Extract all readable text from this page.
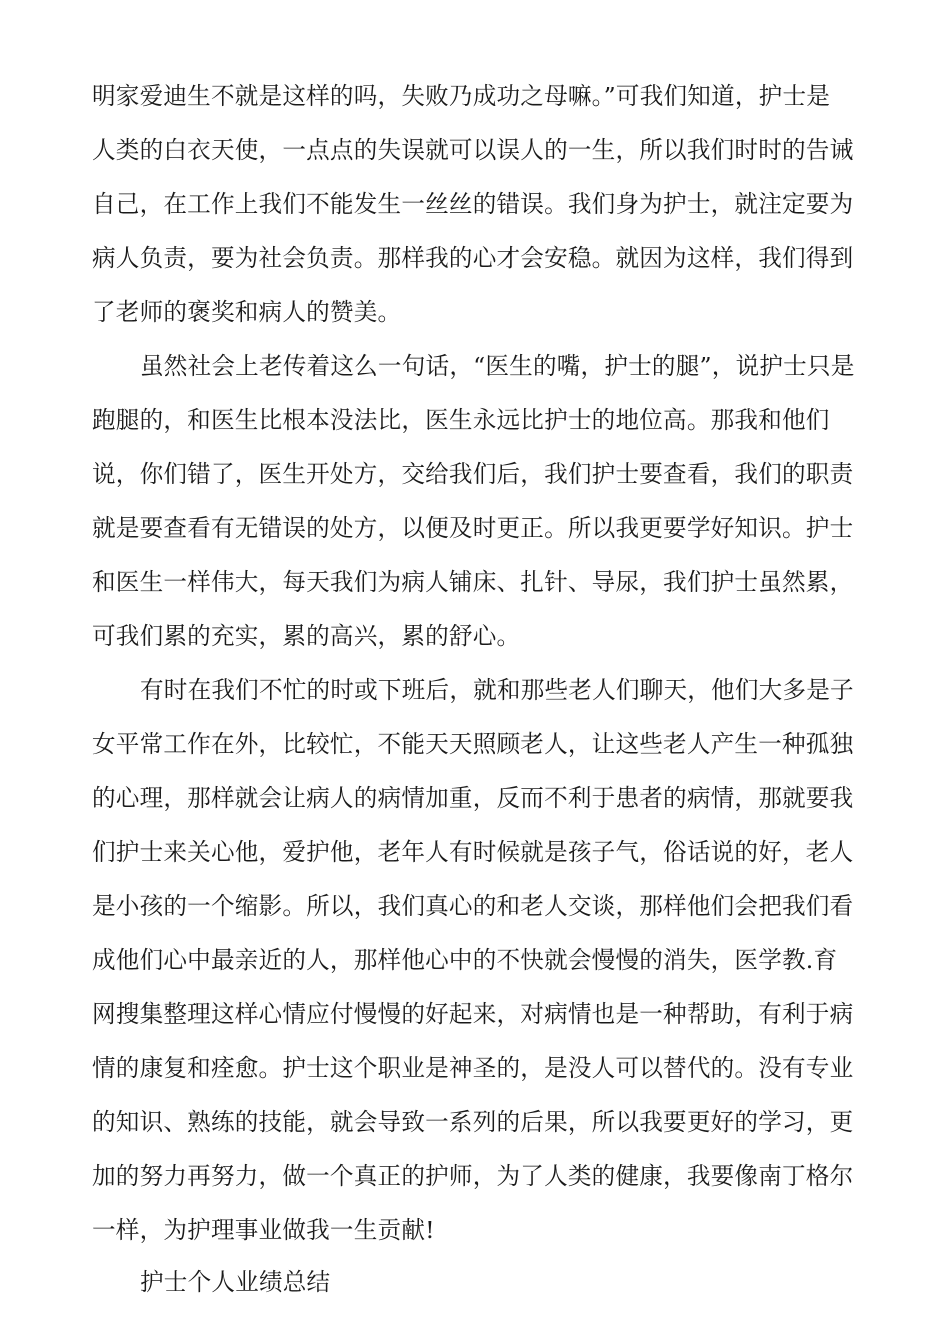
明家爱迪生不就是这样的吗，失败乃成功之母嘛。”可我们知道，护士是
人类的白衣天使，一点点的失误就可以误人的一生，所以我们时时的告诫
自己，在工作上我们不能发生一丝丝的错误。我们身为护士，就注定要为
病人负责，要为社会负责。那样我的心才会安稳。就因为这样，我们得到
了老师的褒奖和病人的赞美。
虽然社会上老传着这么一句话，“医生的嘴，护士的腿”，说护士只是
跑腿的，和医生比根本没法比，医生永远比护士的地位高。那我和他们
说，你们错了，医生开处方，交给我们后，我们护士要查看，我们的职责
就是要查看有无错误的处方，以便及时更正。所以我更要学好知识。护士
和医生一样伟大，每天我们为病人铺床、扎针、导尿，我们护士虽然累，
可我们累的充实，累的高兴，累的舒心。
有时在我们不忙的时或下班后，就和那些老人们聊天，他们大多是子
女平常工作在外，比较忙，不能天天照顾老人，让这些老人产生一种孤独
的心理，那样就会让病人的病情加重，反而不利于患者的病情，那就要我
们护士来关心他，爱护他，老年人有时候就是孩子气，俗话说的好，老人
是小孩的一个缩影。所以，我们真心的和老人交谈，那样他们会把我们看
成他们心中最亲近的人，那样他心中的不快就会慢慢的消失，医学教.育
网搜集整理这样心情应付慢慢的好起来，对病情也是一种帮助，有利于病
情的康复和痊愈。护士这个职业是神圣的，是没人可以替代的。没有专业
的知识、熟练的技能，就会导致一系列的后果，所以我要更好的学习，更
加的努力再努力，做一个真正的护师，为了人类的健康，我要像南丁格尔
一样，为护理事业做我一生贡献!
护士个人业绩总结
